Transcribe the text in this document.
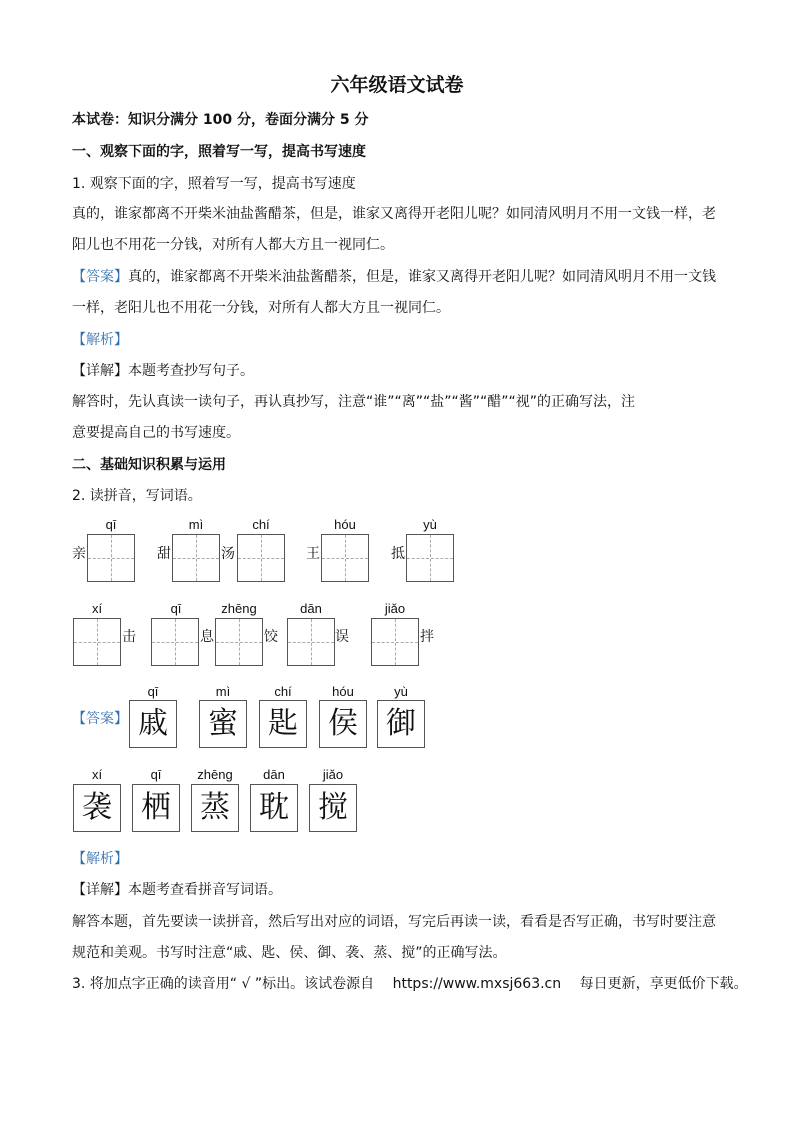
六年级语文试卷
本试卷：知识分满分 100 分，卷面分满分 5 分
一、观察下面的字，照着写一写，提高书写速度
1. 观察下面的字，照着写一写，提高书写速度
真的，谁家都离不开柴米油盐酱醋茶，但是，谁家又离得开老阳儿呢？如同清风明月不用一文钱一样，老
阳儿也不用花一分钱，对所有人都大方且一视同仁。
【答案】真的，谁家都离不开柴米油盐酱醋茶，但是，谁家又离得开老阳儿呢？如同清风明月不用一文钱
一样，老阳儿也不用花一分钱，对所有人都大方且一视同仁。
【解析】
【详解】本题考查抄写句子。
解答时，先认真读一读句子，再认真抄写，注意“谁”“离”“盐”“酱”“醋”“视”的正确写法，注
意要提高自己的书写速度。
二、基础知识积累与运用
2. 读拼音，写词语。
qī	mì	chí	hóu	yù
亲	甜	汤	王	抵
xí	qī	zhēng	dān	jiǎo
击	息	饺	误	拌
【答案】
qī	mì	chí	hóu	yù
戚	蜜	匙	侯 御
xí	qī	zhēng	dān	jiǎo
袭 栖 蒸 耽 搅
【解析】
【详解】本题考查看拼音写词语。
解答本题，首先要读一读拼音，然后写出对应的词语，写完后再读一读，看看是否写正确，书写时要注意
规范和美观。书写时注意“戚、匙、侯、御、袭、蒸、搅”的正确写法。
3. 将加点字正确的读音用“ √ ”标出。该试卷源自　 https://www.mxsj663.cn　 每日更新，享更低价下载。
